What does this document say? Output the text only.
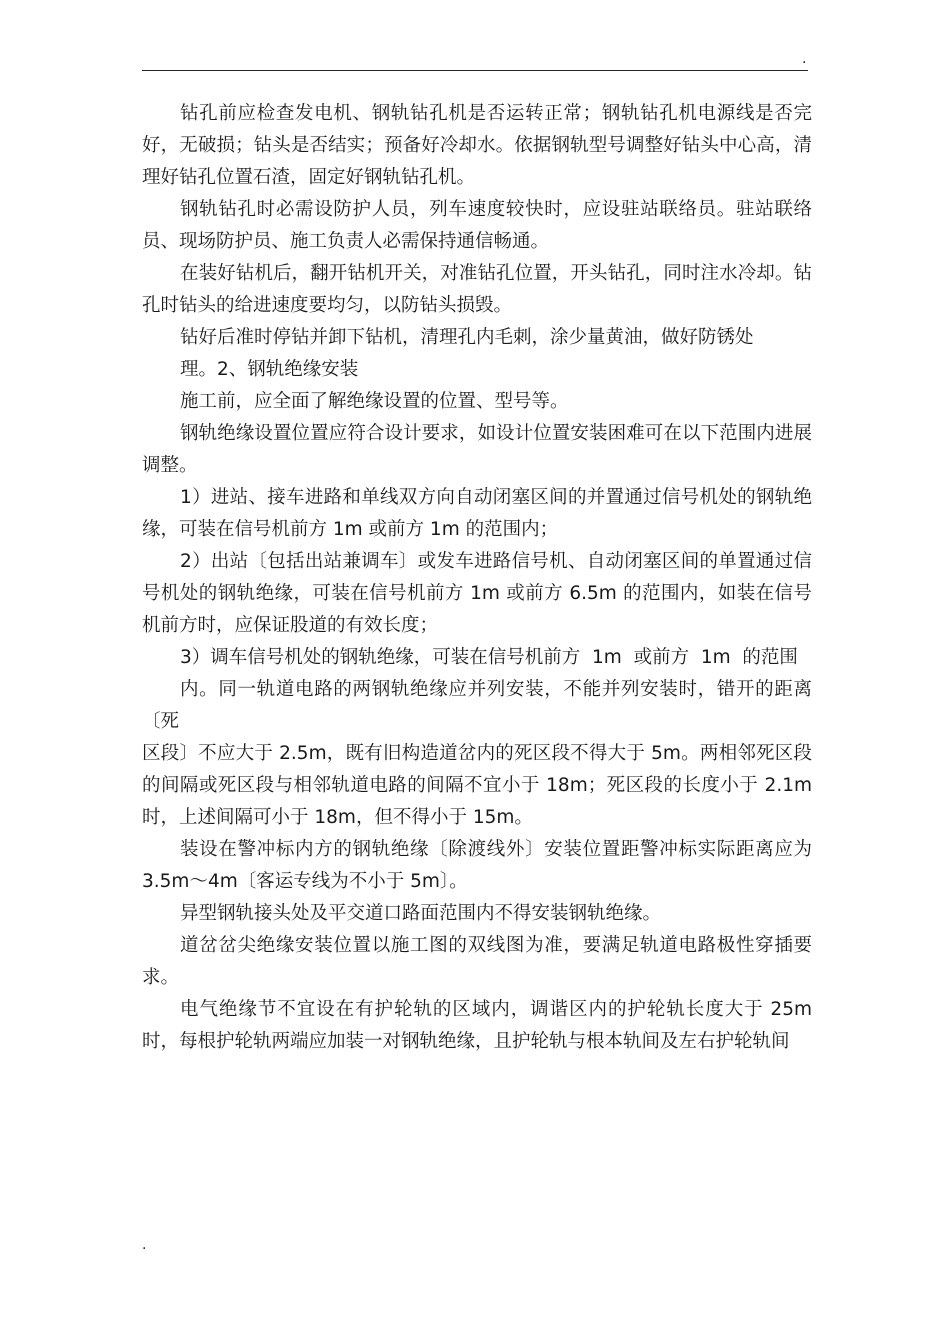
.

钻孔前应检查发电机、钢轨钻孔机是否运转正常；钢轨钻孔机电源线是否完好，无破损；钻头是否结实；预备好冷却水。依据钢轨型号调整好钻头中心高，清理好钻孔位置石渣，固定好钢轨钻孔机。

钢轨钻孔时必需设防护人员，列车速度较快时，应设驻站联络员。驻站联络员、现场防护员、施工负责人必需保持通信畅通。

在装好钻机后，翻开钻机开关，对准钻孔位置，开头钻孔，同时注水冷却。钻孔时钻头的给进速度要均匀，以防钻头损毁。

钻好后准时停钻并卸下钻机，清理孔内毛刺，涂少量黄油，做好防锈处

理。2、钢轨绝缘安装

施工前，应全面了解绝缘设置的位置、型号等。

钢轨绝缘设置位置应符合设计要求，如设计位置安装困难可在以下范围内进展调整。

1）进站、接车进路和单线双方向自动闭塞区间的并置通过信号机处的钢轨绝缘，可装在信号机前方 1m 或前方 1m 的范围内；

2）出站〔包括出站兼调车〕或发车进路信号机、自动闭塞区间的单置通过信号机处的钢轨绝缘，可装在信号机前方 1m 或前方 6.5m 的范围内，如装在信号机前方时，应保证股道的有效长度；

3）调车信号机处的钢轨绝缘，可装在信号机前方  1m  或前方  1m  的范围

内。同一轨道电路的两钢轨绝缘应并列安装，不能并列安装时，错开的距离〔死

区段〕不应大于 2.5m，既有旧构造道岔内的死区段不得大于 5m。两相邻死区段的间隔或死区段与相邻轨道电路的间隔不宜小于 18m；死区段的长度小于 2.1m 时，上述间隔可小于 18m，但不得小于 15m。

装设在警冲标内方的钢轨绝缘〔除渡线外〕安装位置距警冲标实际距离应为3.5m～4m〔客运专线为不小于 5m〕。

异型钢轨接头处及平交道口路面范围内不得安装钢轨绝缘。

道岔岔尖绝缘安装位置以施工图的双线图为准，要满足轨道电路极性穿插要求。

电气绝缘节不宜设在有护轮轨的区域内，调谐区内的护轮轨长度大于 25m 时，每根护轮轨两端应加装一对钢轨绝缘，且护轮轨与根本轨间及左右护轮轨间

.
